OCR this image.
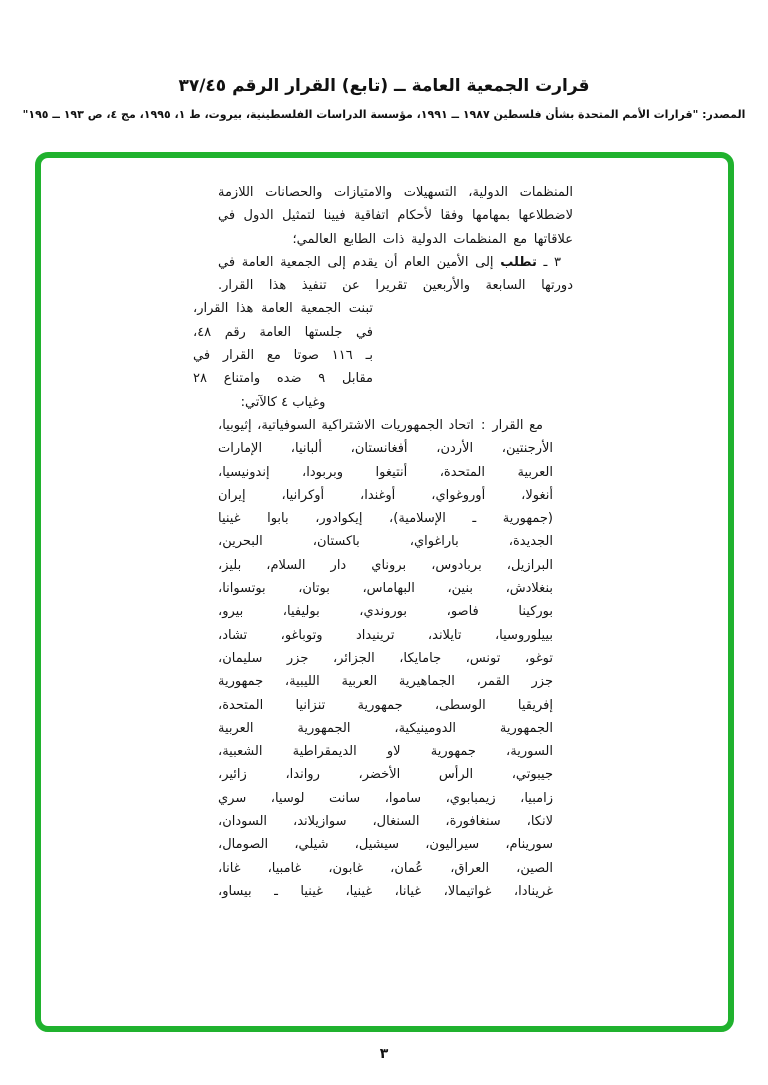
قرارت الجمعية العامة ــ (تابع) القرار الرقم ٣٧/٤٥
المصدر: "قرارات الأمم المتحدة بشأن فلسطين ١٩٨٧ ــ ١٩٩١، مؤسسة الدراسات الفلسطينية، بيروت، ط ١، ١٩٩٥، مج ٤، ص ١٩٣ ــ ١٩٥"
المنظمات الدولية، التسهيلات والامتيازات والحصانات اللازمة
لاضطلاعها بمهامها وفقا لأحكام اتفاقية فيينا لتمثيل الدول في
علاقاتها مع المنظمات الدولية ذات الطابع العالمي؛
٣ ـ تطلب إلى الأمين العام أن يقدم إلى الجمعية العامة في
دورتها السابعة والأربعين تقريرا عن تنفيذ هذا القرار.
تبنت الجمعية العامة هذا القرار،
في جلستها العامة رقم ٤٨،
بـ ١١٦ صوتا مع القرار في
مقابل ٩ ضده وامتناع ٢٨
وغياب ٤ كالآتي:
مع القرار:اتحاد الجمهوريات الاشتراكية السوفياتية، إثيوبيا،
الأرجنتين، الأردن، أفغانستان، ألبانيا، الإمارات
العربية المتحدة، أنتيغوا وبربودا، إندونيسيا،
أنغولا، أوروغواي، أوغندا، أوكرانيا، إيران
(جمهورية ـ الإسلامية)، إيكوادور، بابوا غينيا
الجديدة، باراغواي، باكستان، البحرين،
البرازيل، بربادوس، بروناي دار السلام، بليز،
بنغلادش، بنين، البهاماس، بوتان، بوتسوانا،
بوركينا فاصو، بوروندي، بوليفيا، بيرو،
بييلوروسيا، تايلاند، ترينيداد وتوباغو، تشاد،
توغو، تونس، جامايكا، الجزائر، جزر سليمان،
جزر القمر، الجماهيرية العربية الليبية، جمهورية
إفريقيا الوسطى، جمهورية تنزانيا المتحدة،
الجمهورية الدومينيكية، الجمهورية العربية
السورية، جمهورية لاو الديمقراطية الشعبية،
جيبوتي، الرأس الأخضر، رواندا، زائير،
زامبيا، زيمبابوي، ساموا، سانت لوسيا، سري
لانكا، سنغافورة، السنغال، سوازيلاند، السودان،
سورينام، سيراليون، سيشيل، شيلي، الصومال،
الصين، العراق، عُمان، غابون، غامبيا، غانا،
غرينادا، غواتيمالا، غيانا، غينيا، غينيا ـ بيساو،
٣
